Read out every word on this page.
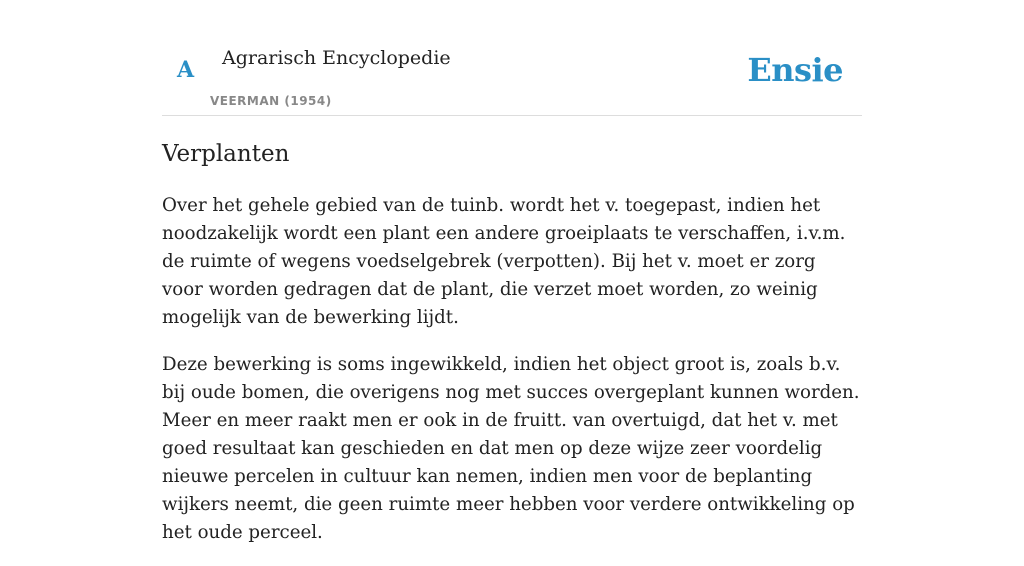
A Agrarisch Encyclopedie
VEERMAN (1954)
Ensie
Verplanten

Over het gehele gebied van de tuinb. wordt het v. toegepast, indien het noodzakelijk wordt een plant een andere groeiplaats te verschaffen, i.v.m. de ruimte of wegens voedselgebrek (verpotten). Bij het v. moet er zorg voor worden gedragen dat de plant, die verzet moet worden, zo weinig mogelijk van de bewerking lijdt.

Deze bewerking is soms ingewikkeld, indien het object groot is, zoals b.v. bij oude bomen, die overigens nog met succes overgeplant kunnen worden. Meer en meer raakt men er ook in de fruitt. van overtuigd, dat het v. met goed resultaat kan geschieden en dat men op deze wijze zeer voordelig nieuwe percelen in cultuur kan nemen, indien men voor de beplanting wijkers neemt, die geen ruimte meer hebben voor verdere ontwikkeling op het oude perceel.
